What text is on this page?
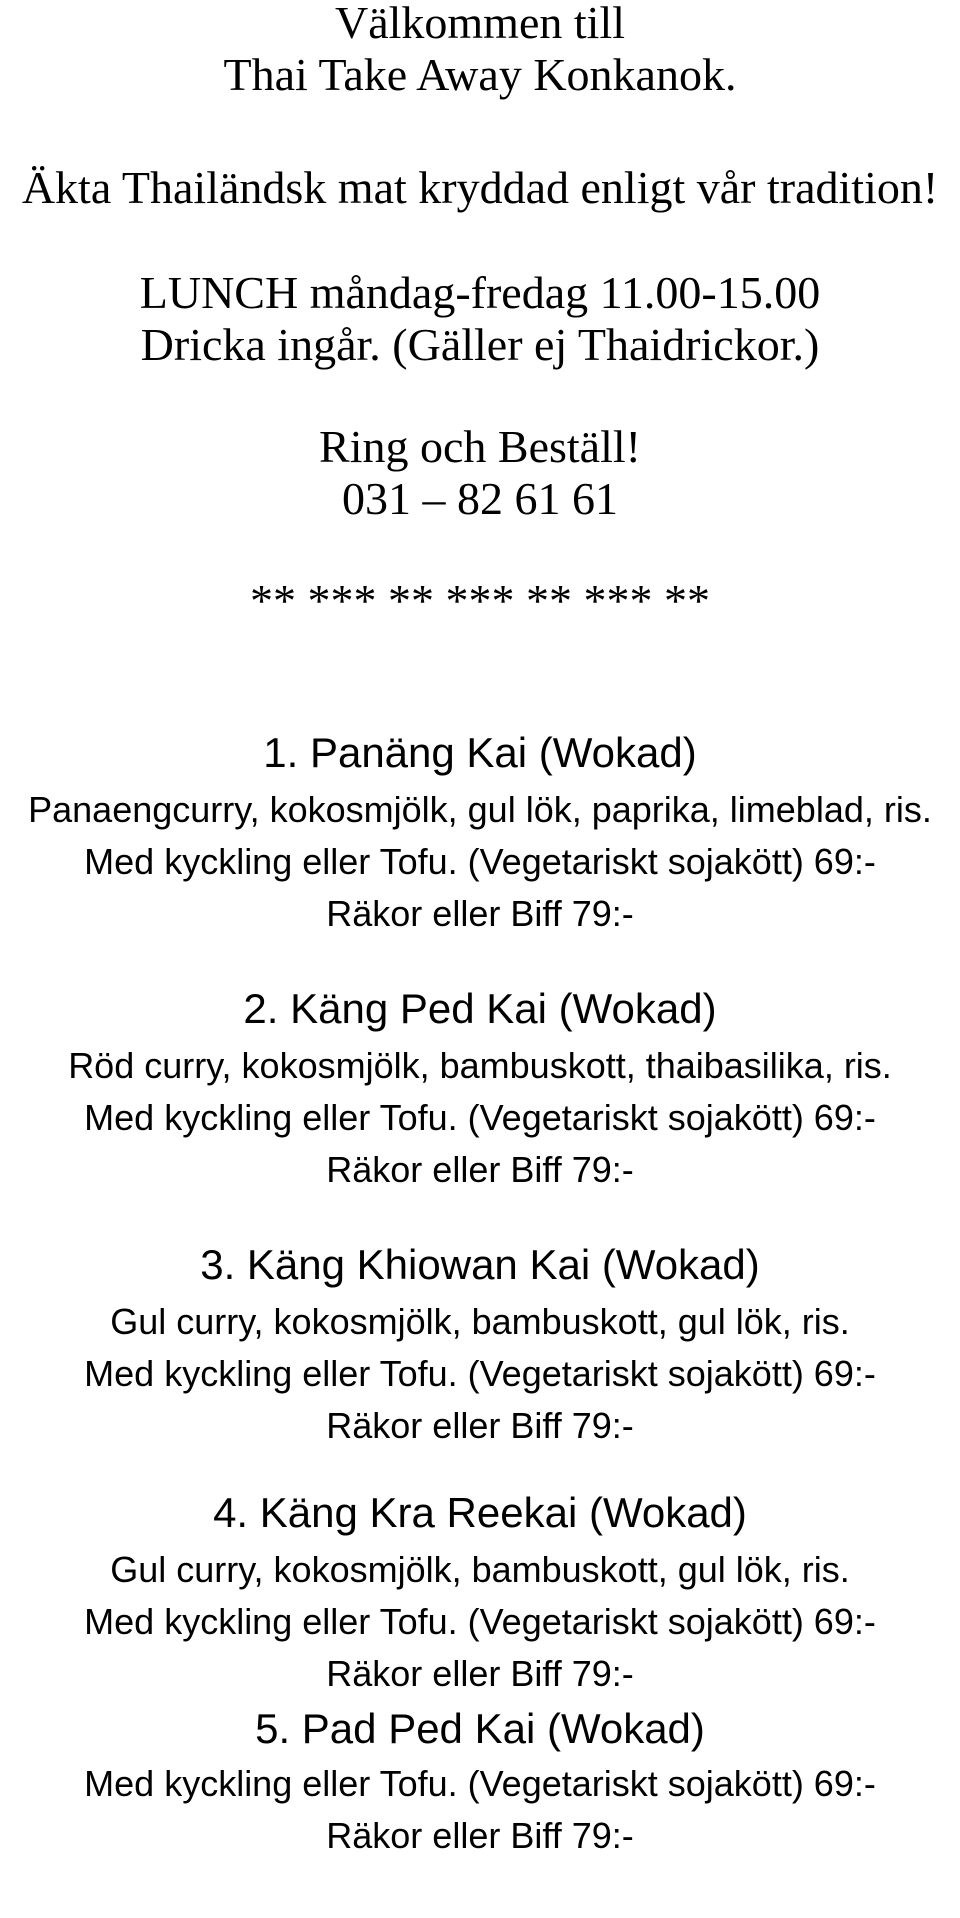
Välkommen till
Thai Take Away Konkanok.
Äkta Thailändsk mat kryddad enligt vår tradition!
LUNCH måndag-fredag 11.00-15.00
Dricka ingår. (Gäller ej Thaidrickor.)
Ring och Beställ!
031 – 82 61 61
** *** ** *** ** *** **
1. Panäng Kai (Wokad)
Panaengcurry, kokosmjölk, gul lök, paprika, limeblad, ris.
Med kyckling eller Tofu. (Vegetariskt sojakött) 69:-
Räkor eller Biff 79:-
2. Käng Ped Kai (Wokad)
Röd curry, kokosmjölk, bambuskott, thaibasilika, ris.
Med kyckling eller Tofu. (Vegetariskt sojakött) 69:-
Räkor eller Biff 79:-
3. Käng Khiowan Kai (Wokad)
Gul curry, kokosmjölk, bambuskott, gul lök, ris.
Med kyckling eller Tofu. (Vegetariskt sojakött) 69:-
Räkor eller Biff 79:-
4. Käng Kra Reekai (Wokad)
Gul curry, kokosmjölk, bambuskott, gul lök, ris.
Med kyckling eller Tofu. (Vegetariskt sojakött) 69:-
Räkor eller Biff 79:-
5. Pad Ped Kai (Wokad)
Med kyckling eller Tofu. (Vegetariskt sojakött) 69:-
Räkor eller Biff 79:-
